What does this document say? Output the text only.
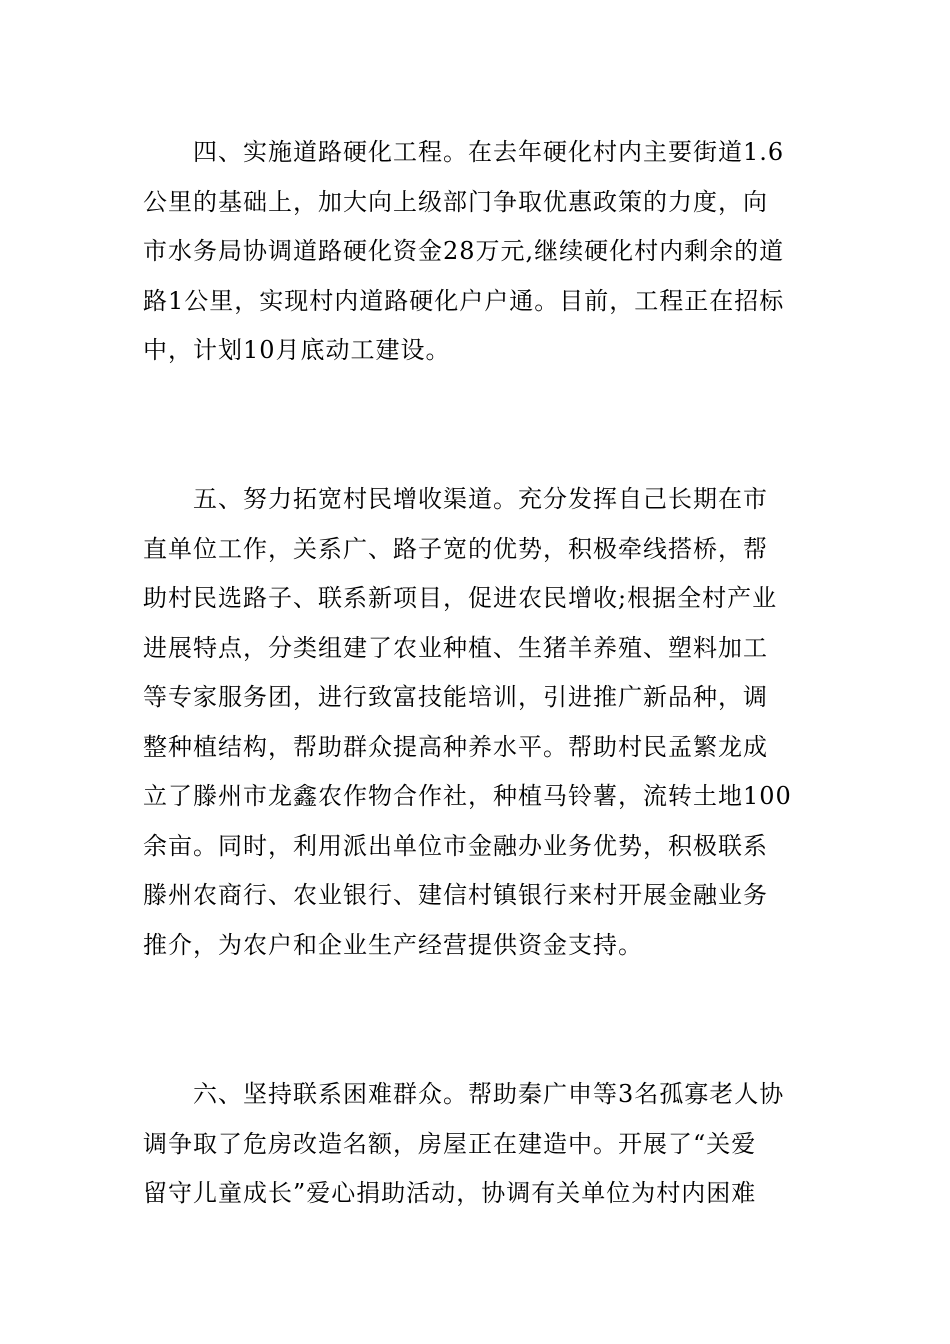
　　四、实施道路硬化工程。在去年硬化村内主要街道1.6
公里的基础上，加大向上级部门争取优惠政策的力度，向
市水务局协调道路硬化资金28万元,继续硬化村内剩余的道
路1公里，实现村内道路硬化户户通。目前，工程正在招标
中，计划10月底动工建设。
　　五、努力拓宽村民增收渠道。充分发挥自己长期在市
直单位工作，关系广、路子宽的优势，积极牵线搭桥，帮
助村民选路子、联系新项目，促进农民增收;根据全村产业
进展特点，分类组建了农业种植、生猪羊养殖、塑料加工
等专家服务团，进行致富技能培训，引进推广新品种，调
整种植结构，帮助群众提高种养水平。帮助村民孟繁龙成
立了滕州市龙鑫农作物合作社，种植马铃薯，流转土地100
余亩。同时，利用派出单位市金融办业务优势，积极联系
滕州农商行、农业银行、建信村镇银行来村开展金融业务
推介，为农户和企业生产经营提供资金支持。
　　六、坚持联系困难群众。帮助秦广申等3名孤寡老人协
调争取了危房改造名额，房屋正在建造中。开展了“关爱
留守儿童成长”爱心捐助活动，协调有关单位为村内困难
